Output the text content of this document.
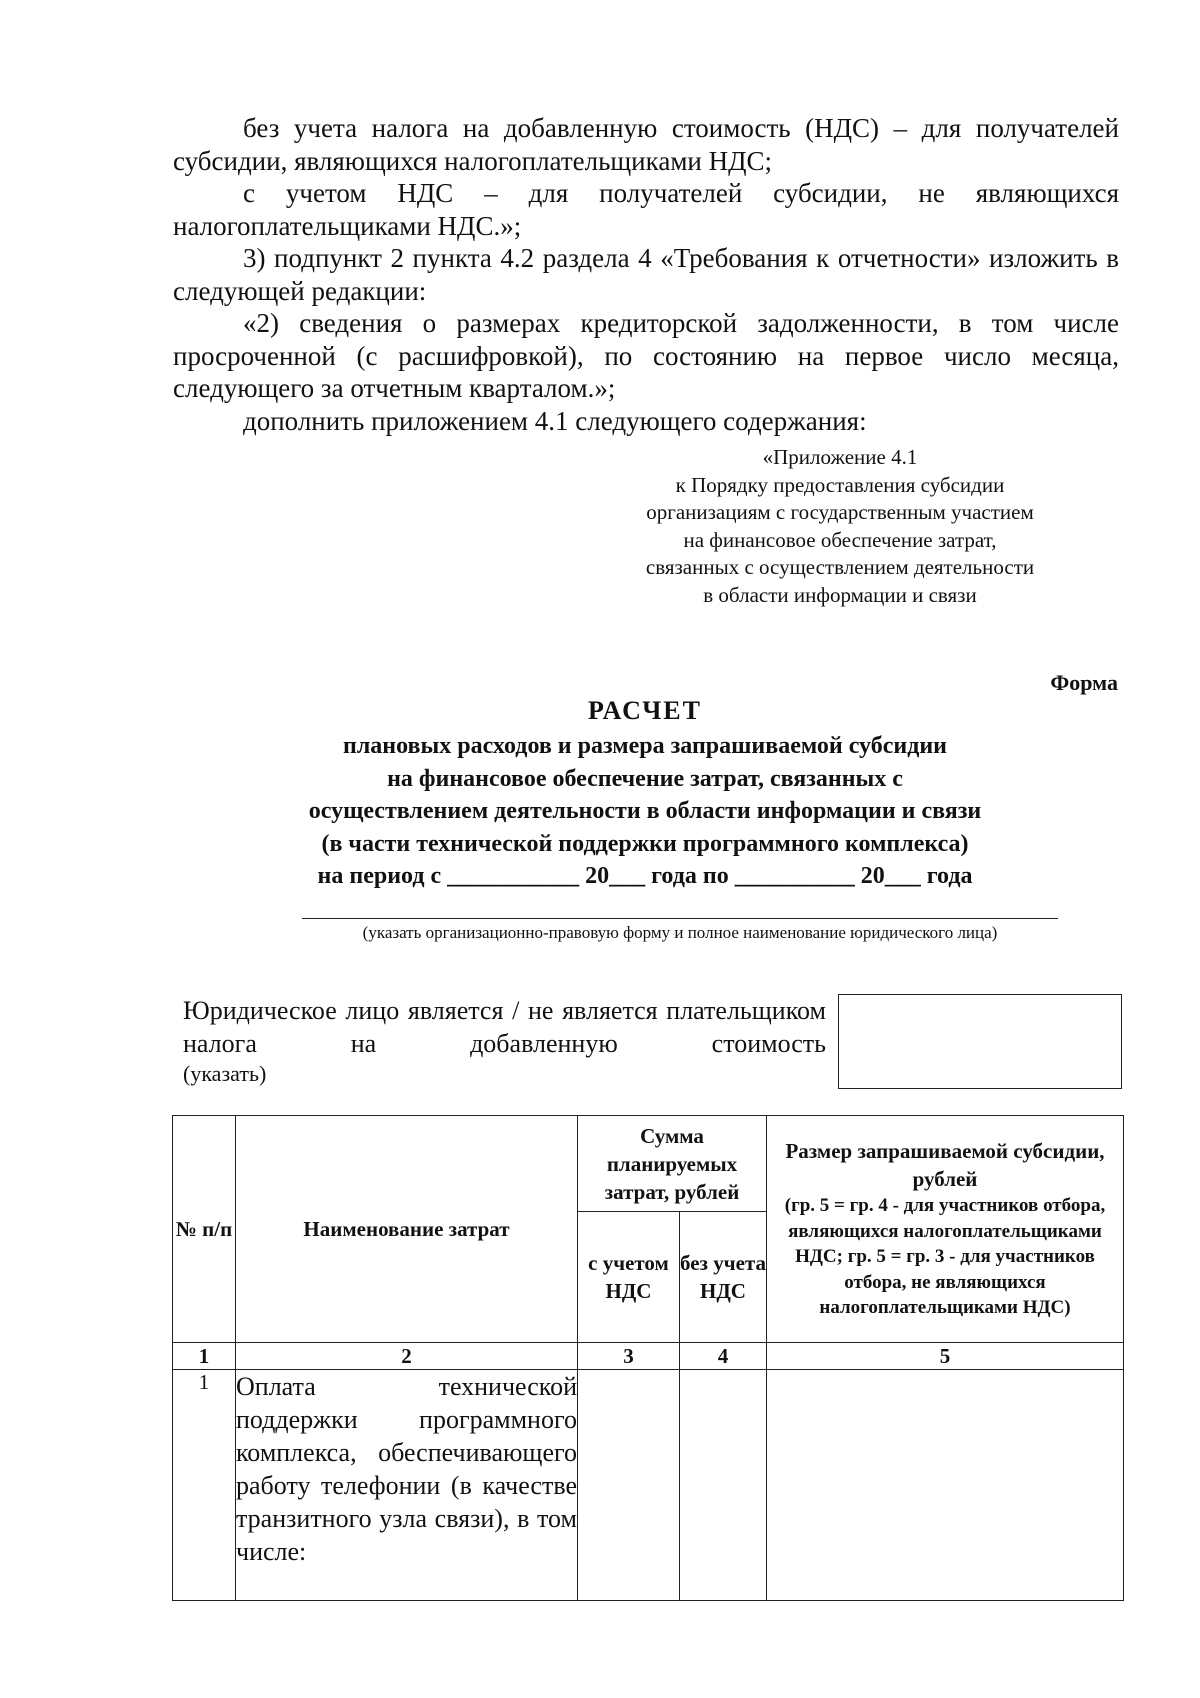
без учета налога на добавленную стоимость (НДС) – для получателей субсидии, являющихся налогоплательщиками НДС;

с учетом НДС – для получателей субсидии, не являющихся налогоплательщиками НДС.»;

3) подпункт 2 пункта 4.2 раздела 4 «Требования к отчетности» изложить в следующей редакции:

«2) сведения о размерах кредиторской задолженности, в том числе просроченной (с расшифровкой), по состоянию на первое число месяца, следующего за отчетным кварталом.»;

дополнить приложением 4.1 следующего содержания:

«Приложение 4.1
к Порядку предоставления субсидии
организациям с государственным участием
на финансовое обеспечение затрат,
связанных с осуществлением деятельности
в области информации и связи
Форма
РАСЧЕТ
плановых расходов и размера запрашиваемой субсидии
на финансовое обеспечение затрат, связанных с
осуществлением деятельности в области информации и связи
(в части технической поддержки программного комплекса)
на период с ___________ 20___ года по __________ 20___ года
(указать организационно-правовую форму и полное наименование юридического лица)
Юридическое лицо является / не является плательщиком налога на добавленную стоимость
(указать)
№ п/п	Наименование затрат	Сумма планируемых затрат, рублей		Размер запрашиваемой субсидии, рублей
(гр. 5 = гр. 4 - для участников отбора, являющихся налогоплательщиками НДС; гр. 5 = гр. 3 - для участников отбора, не являющихся налогоплательщиками НДС)

		с учетом НДС	без учета НДС	
1	2	3	4	5
1	Оплата технической поддержки программного комплекса, обеспечивающего работу телефонии (в качестве транзитного узла связи), в том числе:			
